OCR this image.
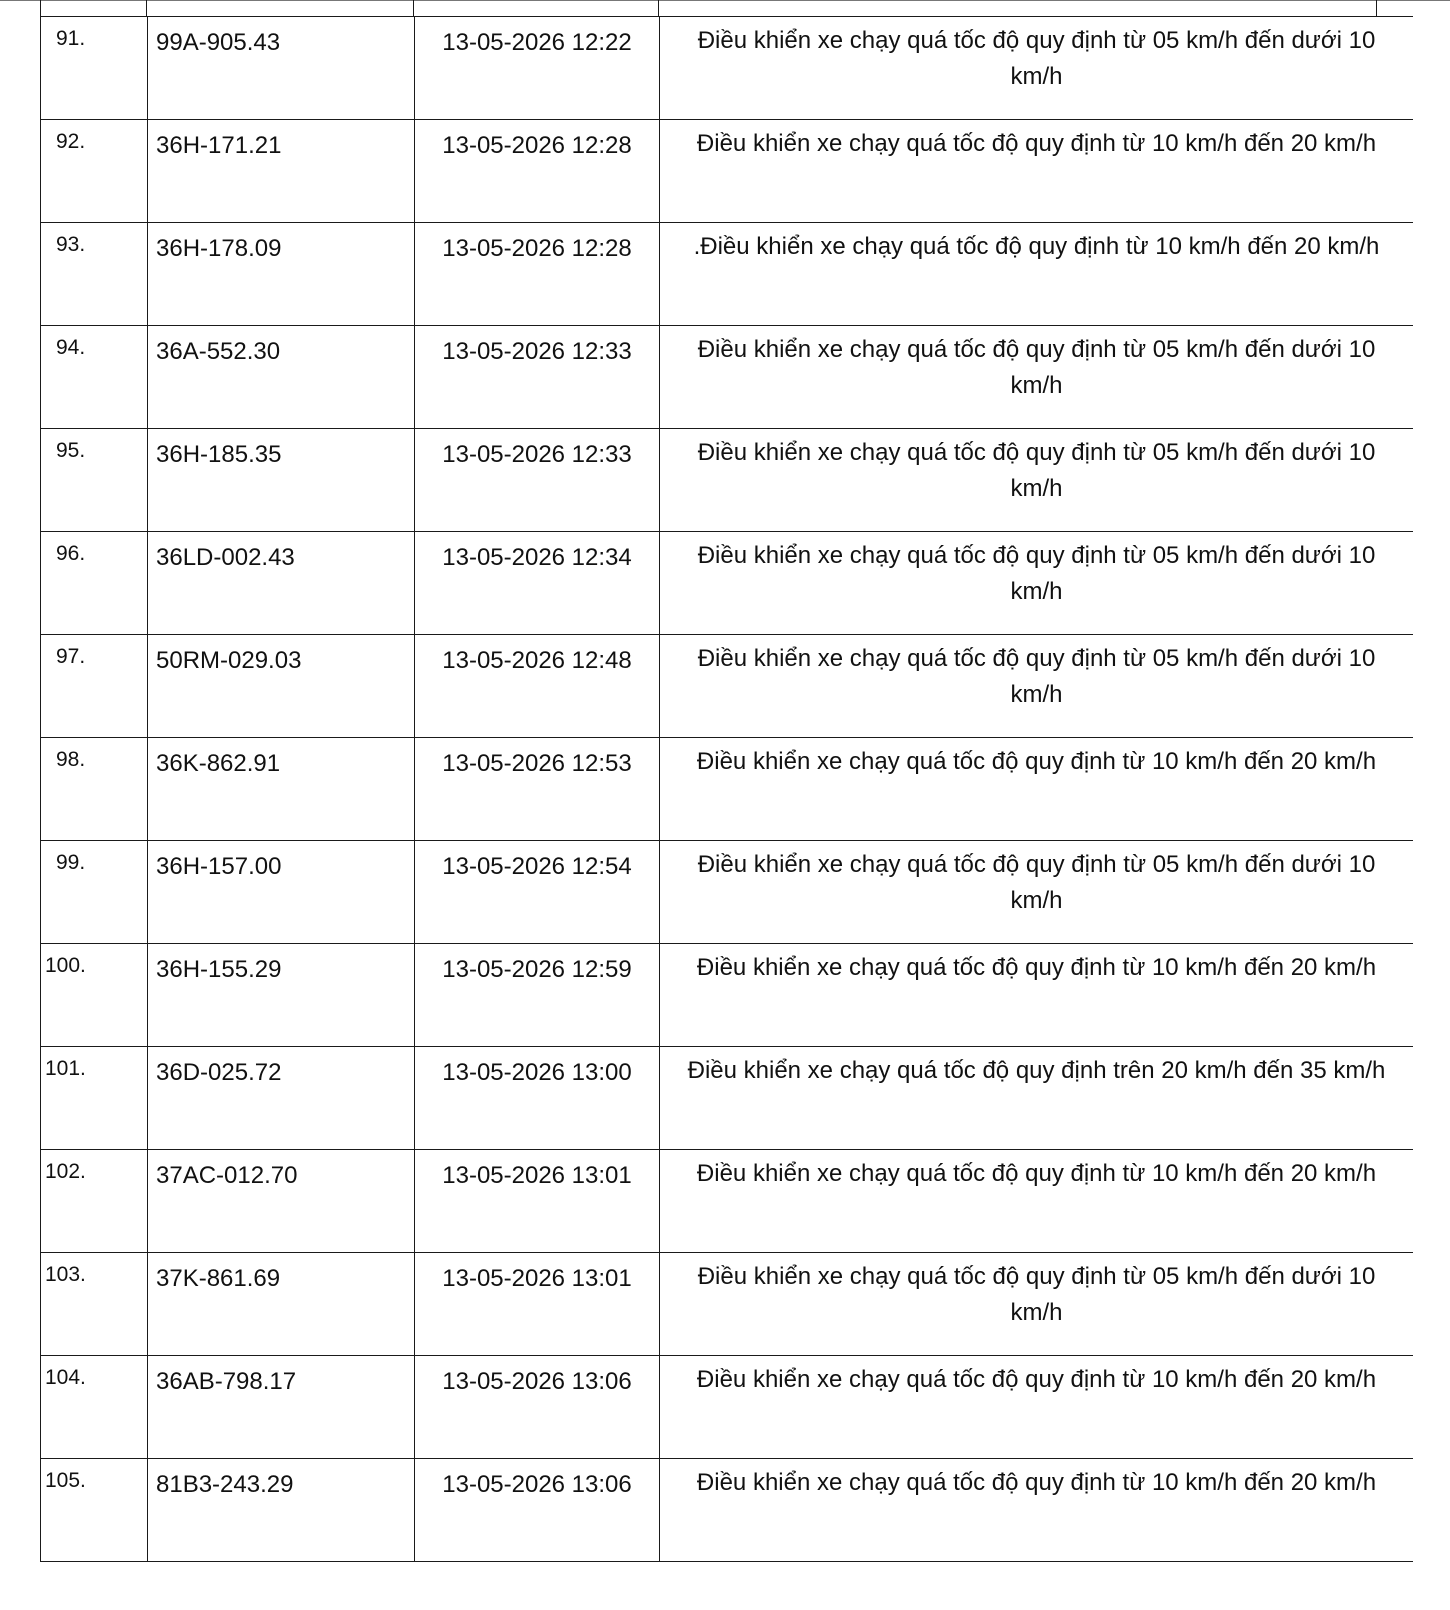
91.	99A-905.43	13-05-2026 12:22	Điều khiển xe chạy quá tốc độ quy định từ 05 km/h đến dưới 10 km/h
92.	36H-171.21	13-05-2026 12:28	Điều khiển xe chạy quá tốc độ quy định từ 10 km/h đến 20 km/h
93.	36H-178.09	13-05-2026 12:28	.Điều khiển xe chạy quá tốc độ quy định từ 10 km/h đến 20 km/h
94.	36A-552.30	13-05-2026 12:33	Điều khiển xe chạy quá tốc độ quy định từ 05 km/h đến dưới 10 km/h
95.	36H-185.35	13-05-2026 12:33	Điều khiển xe chạy quá tốc độ quy định từ 05 km/h đến dưới 10 km/h
96.	36LD-002.43	13-05-2026 12:34	Điều khiển xe chạy quá tốc độ quy định từ 05 km/h đến dưới 10 km/h
97.	50RM-029.03	13-05-2026 12:48	Điều khiển xe chạy quá tốc độ quy định từ 05 km/h đến dưới 10 km/h
98.	36K-862.91	13-05-2026 12:53	Điều khiển xe chạy quá tốc độ quy định từ 10 km/h đến 20 km/h
99.	36H-157.00	13-05-2026 12:54	Điều khiển xe chạy quá tốc độ quy định từ 05 km/h đến dưới 10 km/h
100.	36H-155.29	13-05-2026 12:59	Điều khiển xe chạy quá tốc độ quy định từ 10 km/h đến 20 km/h
101.	36D-025.72	13-05-2026 13:00	Điều khiển xe chạy quá tốc độ quy định trên 20 km/h đến 35 km/h
102.	37AC-012.70	13-05-2026 13:01	Điều khiển xe chạy quá tốc độ quy định từ 10 km/h đến 20 km/h
103.	37K-861.69	13-05-2026 13:01	Điều khiển xe chạy quá tốc độ quy định từ 05 km/h đến dưới 10 km/h
104.	36AB-798.17	13-05-2026 13:06	Điều khiển xe chạy quá tốc độ quy định từ 10 km/h đến 20 km/h
105.	81B3-243.29	13-05-2026 13:06	Điều khiển xe chạy quá tốc độ quy định từ 10 km/h đến 20 km/h
